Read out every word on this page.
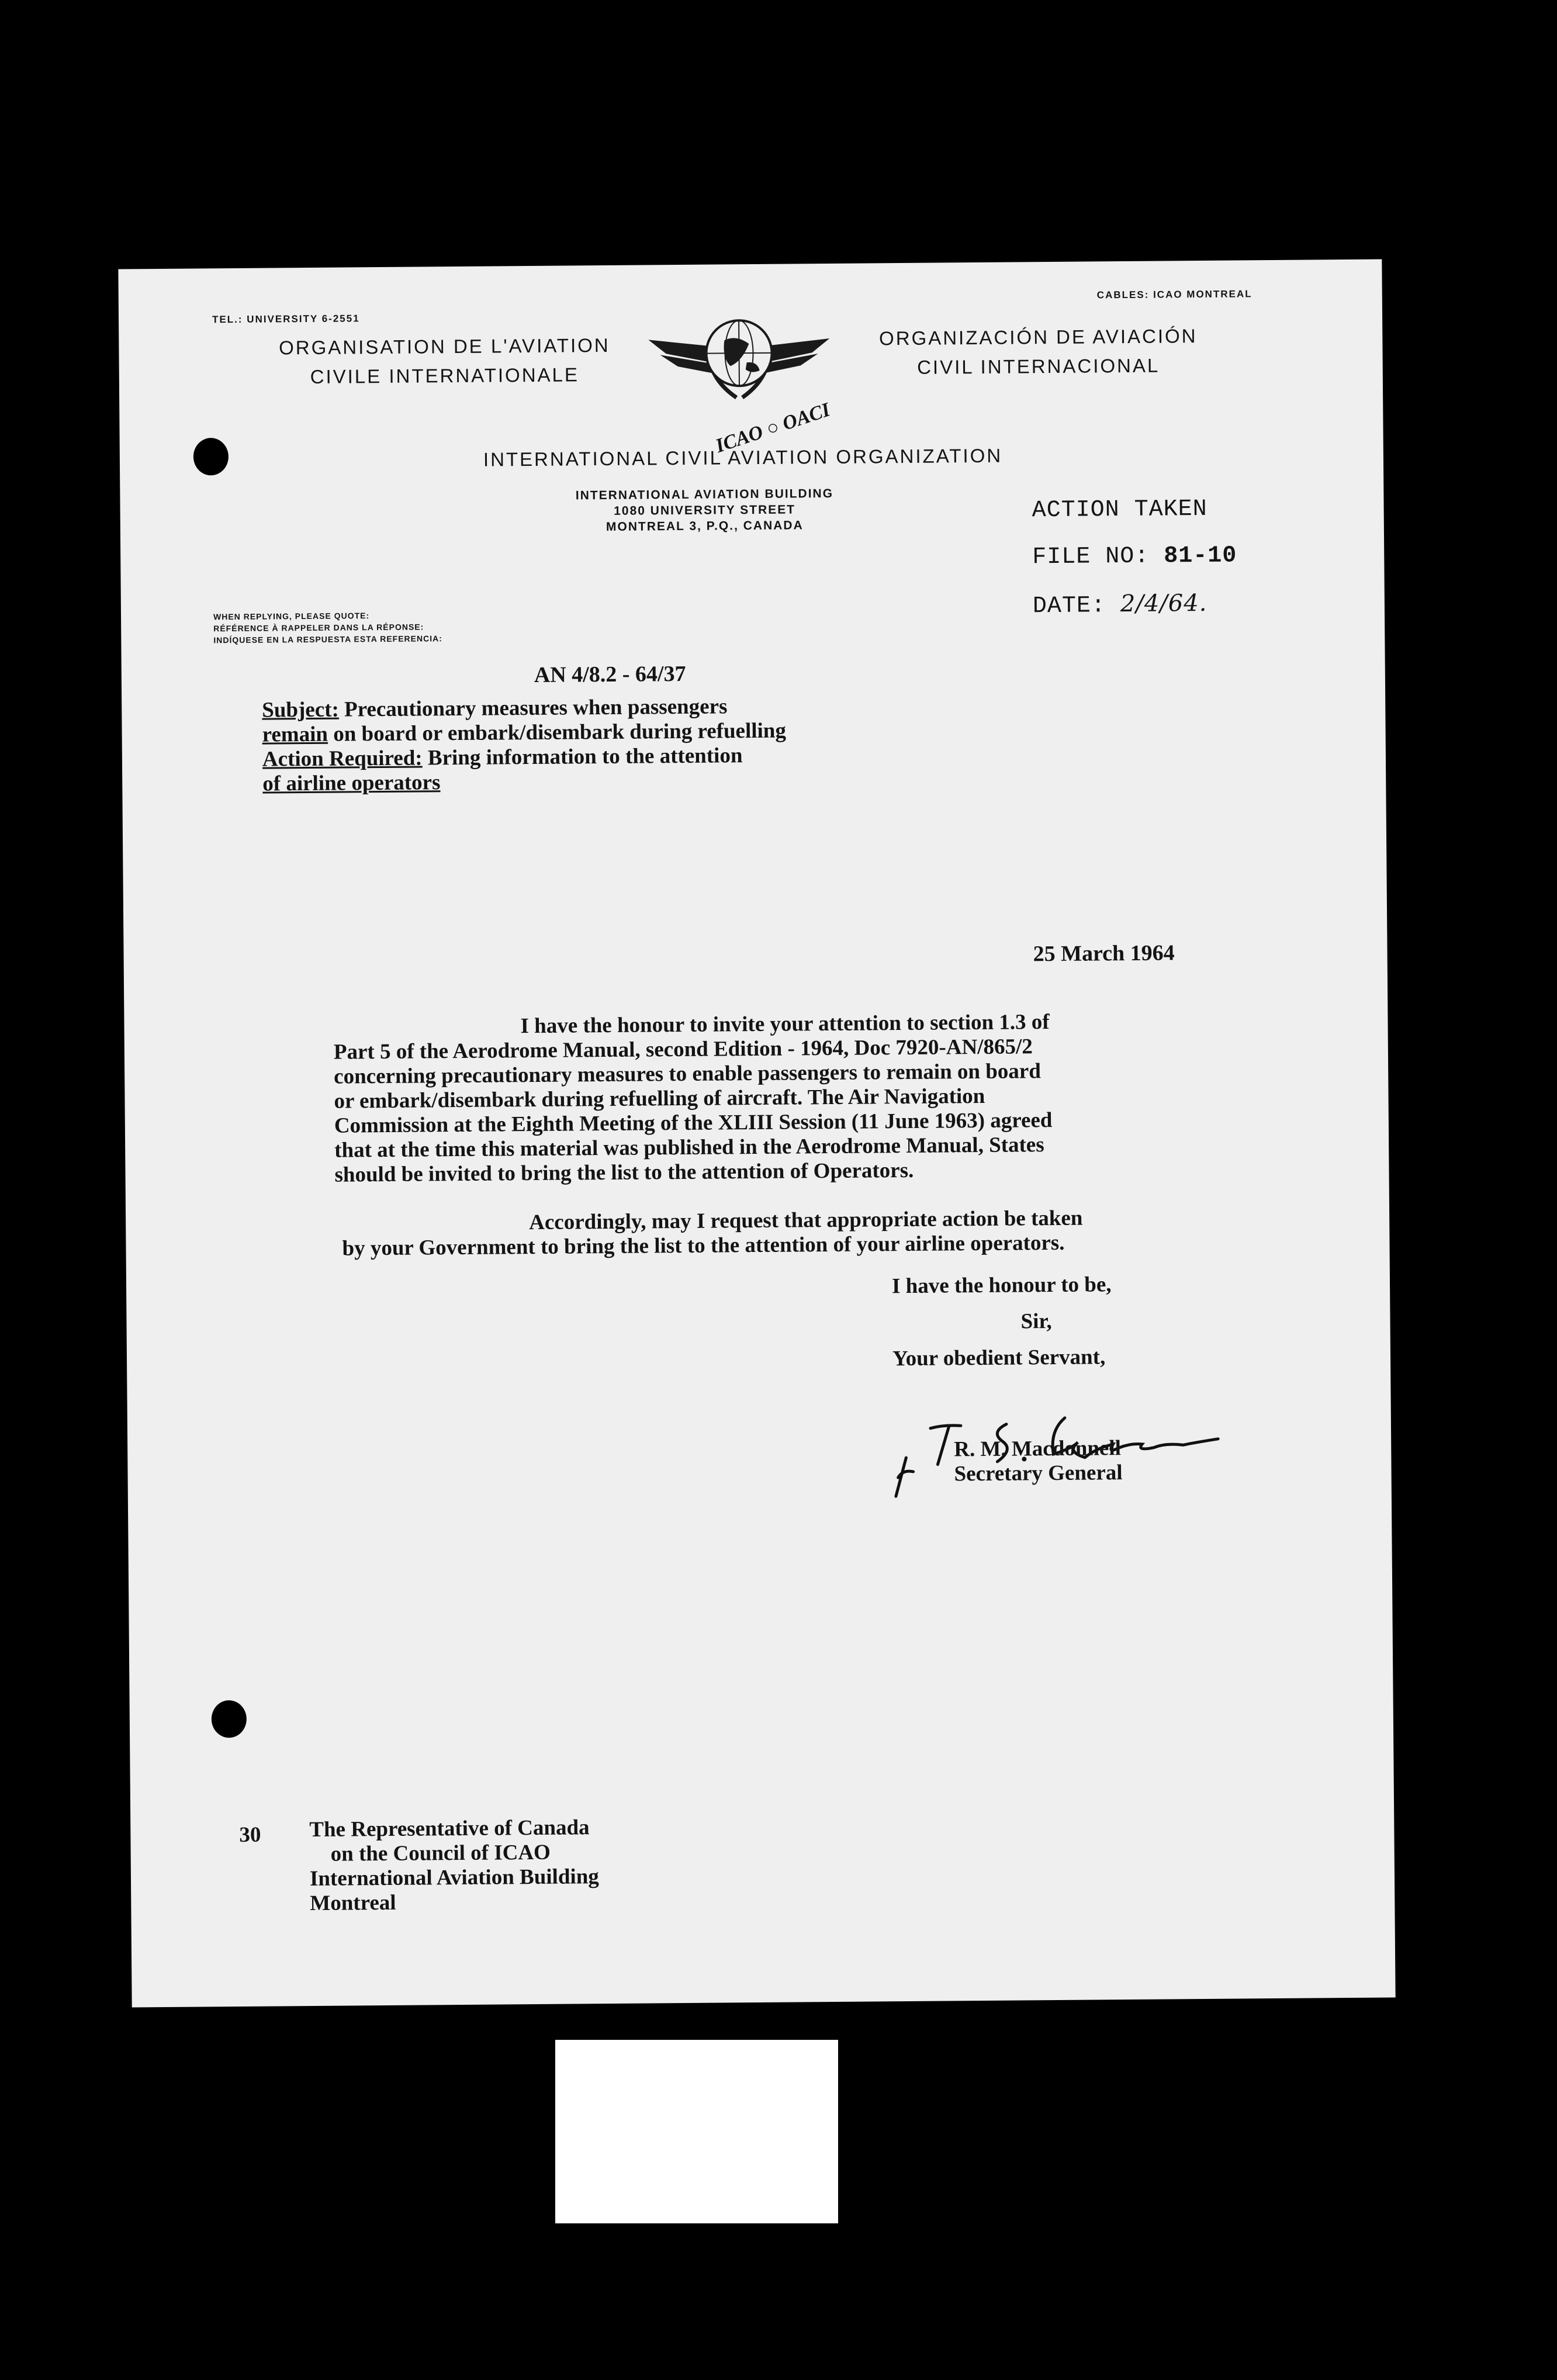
TEL.: UNIVERSITY 6-2551
CABLES: ICAO MONTREAL
ORGANISATION DE L'AVIATION
CIVILE INTERNATIONALE
ICAO ○ OACI
ORGANIZACIÓN DE AVIACIÓN
CIVIL INTERNACIONAL
INTERNATIONAL CIVIL AVIATION ORGANIZATION
INTERNATIONAL AVIATION BUILDING
1080 UNIVERSITY STREET
MONTREAL 3, P.Q., CANADA
ACTION TAKEN
FILE NO: 81-10
DATE: 2/4/64.
WHEN REPLYING, PLEASE QUOTE:
RÉFÉRENCE À RAPPELER DANS LA RÉPONSE:
INDÍQUESE EN LA RESPUESTA ESTA REFERENCIA:
AN 4/8.2 - 64/37
Subject: Precautionary measures when passengers
remain on board or embark/disembark during refuelling
Action Required: Bring information to the attention
of airline operators
25 March 1964
I have the honour to invite your attention to section 1.3 of
Part 5 of the Aerodrome Manual, second Edition - 1964, Doc 7920-AN/865/2
concerning precautionary measures to enable passengers to remain on board
or embark/disembark during refuelling of aircraft. The Air Navigation
Commission at the Eighth Meeting of the XLIII Session (11 June 1963) agreed
that at the time this material was published in the Aerodrome Manual, States
should be invited to bring the list to the attention of Operators.
Accordingly, may I request that appropriate action be taken
by your Government to bring the list to the attention of your airline operators.
I have the honour to be,
Sir,
Your obedient Servant,
R. M. Macdonnell
Secretary General
30 The Representative of Canada
on the Council of ICAO
International Aviation Building
Montreal
